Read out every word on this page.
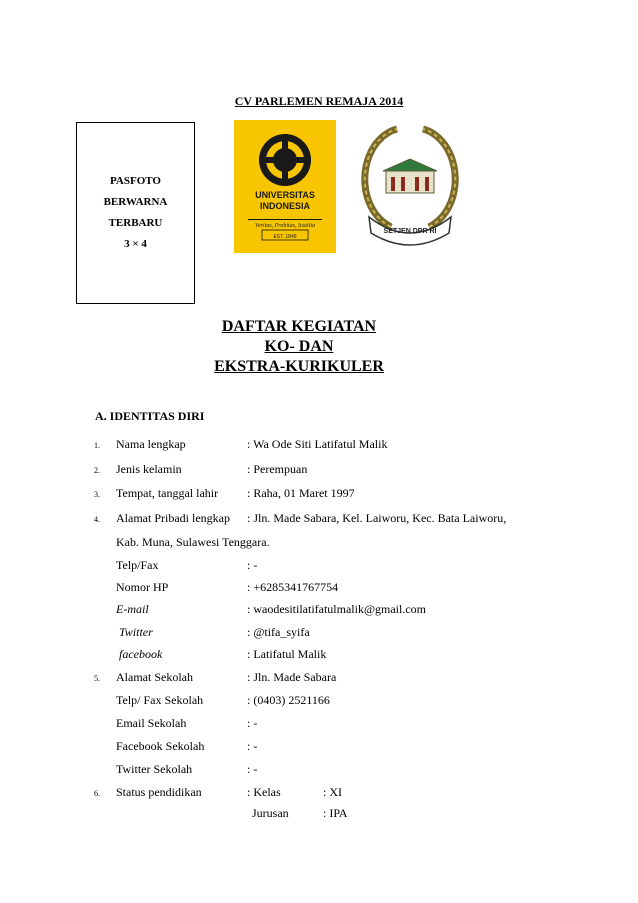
CV PARLEMEN REMAJA 2014
PASFOTO
BERWARNA
TERBARU
3 × 4
UNIVERSITAS
INDONESIA
Veritas, Probitas, Iustitia
EST. 1849
SETJEN DPR RI
DAFTAR KEGIATAN
KO- DAN
EKSTRA-KURIKULER
A. IDENTITAS DIRI
1. Nama lengkap	: Wa Ode Siti Latifatul Malik
2. Jenis kelamin	: Perempuan
3. Tempat, tanggal lahir : Raha, 01 Maret 1997
4. Alamat Pribadi lengkap : Jln. Made Sabara, Kel. Laiworu, Kec. Bata Laiworu,
Kab. Muna, Sulawesi Tenggara.
Telp/Fax	: -
Nomor HP	: +6285341767754
E-mail	: waodesitilatifatulmalik@gmail.com
Twitter	: @tifa_syifa
facebook	: Latifatul Malik
5. Alamat Sekolah	: Jln. Made Sabara
Telp/ Fax Sekolah	: (0403) 2521166
Email Sekolah	: -
Facebook Sekolah	: -
Twitter Sekolah	: -
6. Status pendidikan	: Kelas	: XI
Jurusan	: IPA
